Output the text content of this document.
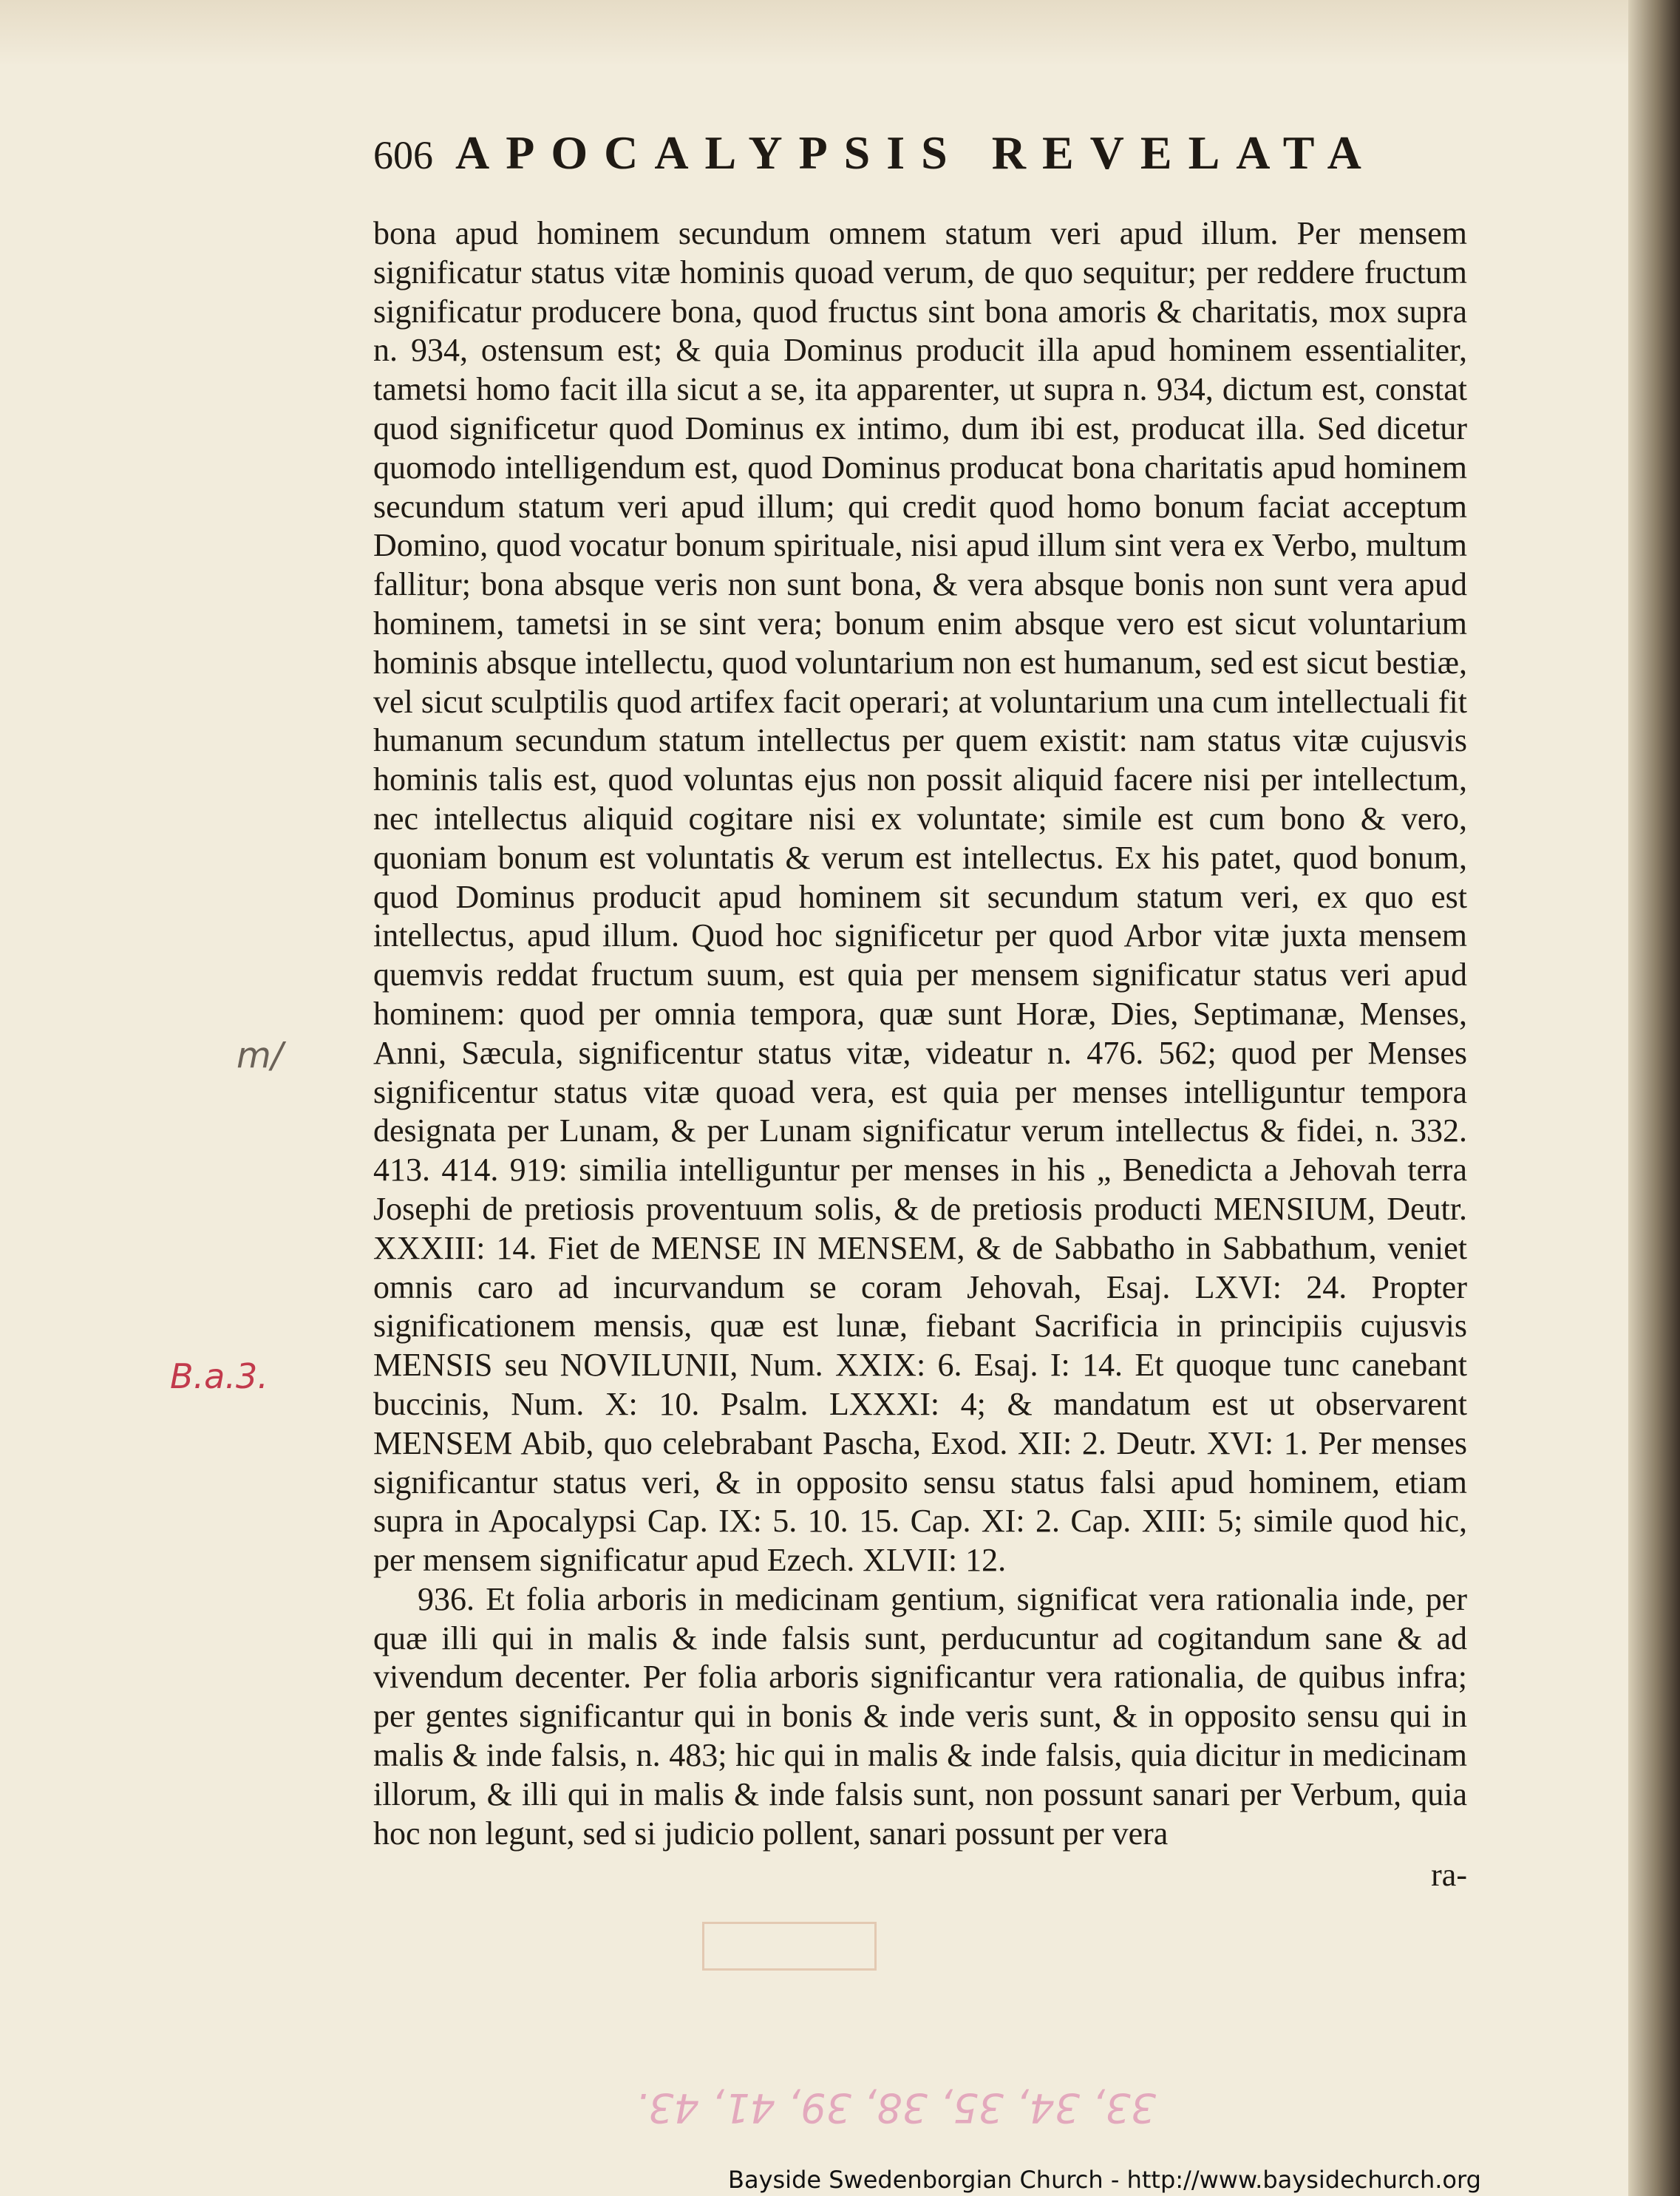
606 APOCALYPSIS REVELATA

bona apud hominem secundum omnem statum veri apud illum. Per mensem significatur status vitæ hominis quoad verum, de quo sequitur; per reddere fructum significatur producere bona, quod fructus sint bona amoris & charitatis, mox supra n. 934, ostensum est; & quia Dominus producit illa apud hominem essentialiter, tametsi homo facit illa sicut a se, ita apparenter, ut supra n. 934, dictum est, constat quod significetur quod Dominus ex intimo, dum ibi est, producat illa. Sed dicetur quomodo intelligendum est, quod Dominus producat bona charitatis apud hominem secundum statum veri apud illum; qui credit quod homo bonum faciat acceptum Domino, quod vocatur bonum spirituale, nisi apud illum sint vera ex Verbo, multum fallitur; bona absque veris non sunt bona, & vera absque bonis non sunt vera apud hominem, tametsi in se sint vera; bonum enim absque vero est sicut voluntarium hominis absque intellectu, quod voluntarium non est humanum, sed est sicut bestiæ, vel sicut sculptilis quod artifex facit operari; at voluntarium una cum intellectuali fit humanum secundum statum intellectus per quem existit: nam status vitæ cujusvis hominis talis est, quod voluntas ejus non possit aliquid facere nisi per intellectum, nec intellectus aliquid cogitare nisi ex voluntate; simile est cum bono & vero, quoniam bonum est voluntatis & verum est intellectus. Ex his patet, quod bonum, quod Dominus producit apud hominem sit secundum statum veri, ex quo est intellectus, apud illum. Quod hoc significetur per quod Arbor vitæ juxta mensem quemvis reddat fructum suum, est quia per mensem significatur status veri apud hominem: quod per omnia tempora, quæ sunt Horæ, Dies, Septimanæ, Menses, Anni, Sæcula, significentur status vitæ, videatur n. 476. 562; quod per Menses significentur status vitæ quoad vera, est quia per menses intelliguntur tempora designata per Lunam, & per Lunam significatur verum intellectus & fidei, n. 332. 413. 414. 919: similia intelliguntur per menses in his „ Benedicta a Jehovah terra Josephi de pretiosis proventuum solis, & de pretiosis producti MENSIUM, Deutr. XXXIII: 14. Fiet de MENSE IN MENSEM, & de Sabbatho in Sabbathum, veniet omnis caro ad incurvandum se coram Jehovah, Esaj. LXVI: 24. Propter significationem mensis, quæ est lunæ, fiebant Sacrificia in principiis cujusvis MENSIS seu NOVILUNII, Num. XXIX: 6. Esaj. I: 14. Et quoque tunc canebant buccinis, Num. X: 10. Psalm. LXXXI: 4; & mandatum est ut observarent MENSEM Abib, quo celebrabant Pascha, Exod. XII: 2. Deutr. XVI: 1. Per menses significantur status veri, & in opposito sensu status falsi apud hominem, etiam supra in Apocalypsi Cap. IX: 5. 10. 15. Cap. XI: 2. Cap. XIII: 5; simile quod hic, per mensem significatur apud Ezech. XLVII: 12.

936. Et folia arboris in medicinam gentium, significat vera rationalia inde, per quæ illi qui in malis & inde falsis sunt, perducuntur ad cogitandum sane & ad vivendum decenter. Per folia arboris significantur vera rationalia, de quibus infra; per gentes significantur qui in bonis & inde veris sunt, & in opposito sensu qui in malis & inde falsis, n. 483; hic qui in malis & inde falsis, quia dicitur in medicinam illorum, & illi qui in malis & inde falsis sunt, non possunt sanari per Verbum, quia hoc non legunt, sed si judicio pollent, sanari possunt per vera

ra-
m/
B.a.3.
33, 34, 35, 38, 39, 41, 43.
Bayside Swedenborgian Church - http://www.baysidechurch.org
